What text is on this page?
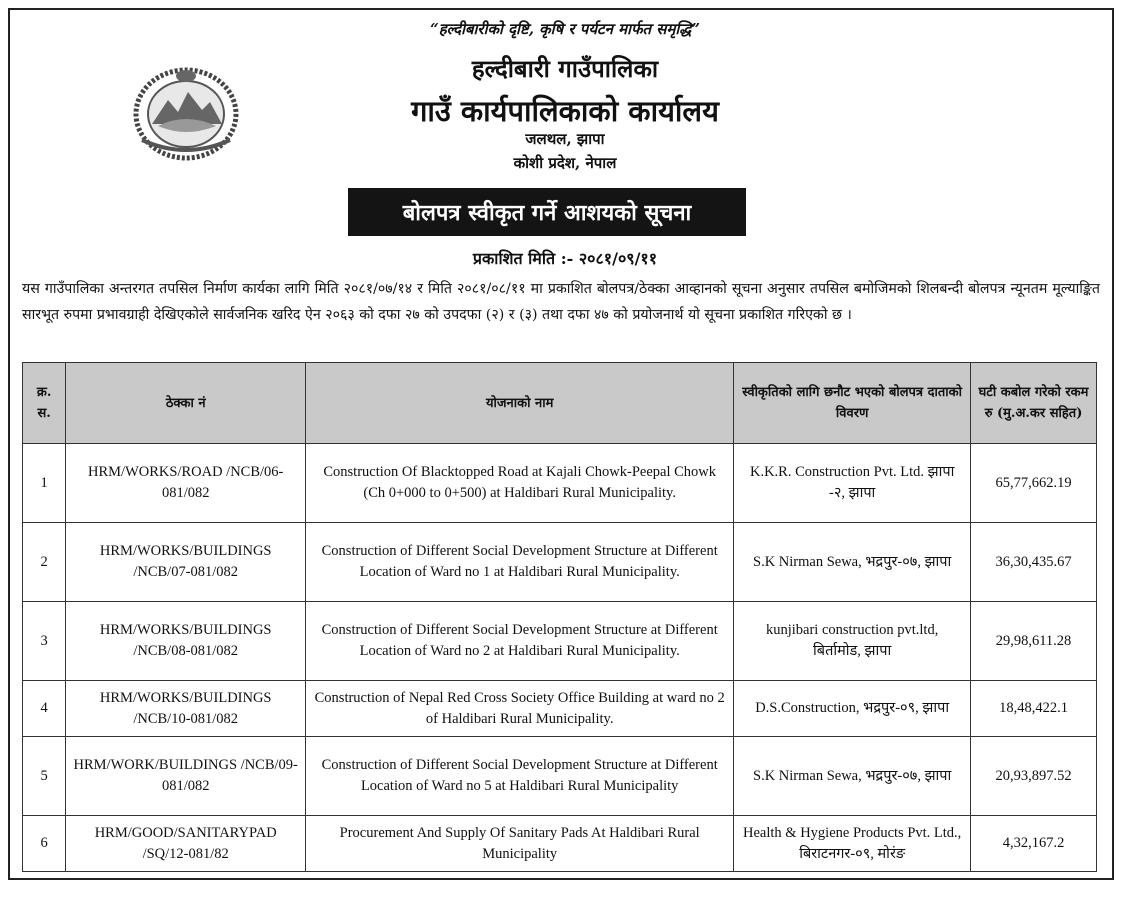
“हल्दीबारीको दृष्टि, कृषि र पर्यटन मार्फत समृद्धि”
हल्दीबारी गाउँपालिका
गाउँ कार्यपालिकाको कार्यालय
जलथल, झापा
कोशी प्रदेश, नेपाल
बोलपत्र स्वीकृत गर्ने आशयको सूचना
प्रकाशित मिति :- २०८१/०९/११
यस गाउँपालिका अन्तरगत तपसिल निर्माण कार्यका लागि मिति २०८१/०७/१४ र मिति २०८१/०८/११ मा प्रकाशित बोलपत्र/ठेक्का आव्हानको सूचना अनुसार तपसिल बमोजिमको शिलबन्दी बोलपत्र न्यूनतम मूल्याङ्कित सारभूत रुपमा प्रभावग्राही देखिएकोले सार्वजनिक खरिद ऐन २०६३ को दफा २७ को उपदफा (२) र (३) तथा दफा ४७ को प्रयोजनार्थ यो सूचना प्रकाशित गरिएको छ ।
क्र. स.	ठेक्का नं	योजनाको नाम	स्वीकृतिको लागि छनौट भएको बोलपत्र दाताको विवरण	घटी कबोल गरेको रकम रु (मु.अ.कर सहित)
1	HRM/WORKS/ROAD /NCB/06-081/082	Construction Of Blacktopped Road at Kajali Chowk-Peepal Chowk (Ch 0+000 to 0+500) at Haldibari Rural Municipality.	K.K.R. Construction Pvt. Ltd. झापा -२, झापा	65,77,662.19
2	HRM/WORKS/BUILDINGS /NCB/07-081/082	Construction of Different Social Development Structure at Different Location of Ward no 1 at Haldibari Rural Municipality.	S.K Nirman Sewa, भद्रपुर-०७, झापा	36,30,435.67
3	HRM/WORKS/BUILDINGS /NCB/08-081/082	Construction of Different Social Development Structure at Different Location of Ward no 2 at Haldibari Rural Municipality.	kunjibari construction pvt.ltd, बिर्तामोड, झापा	29,98,611.28
4	HRM/WORKS/BUILDINGS /NCB/10-081/082	Construction of Nepal Red Cross Society Office Building at ward no 2 of Haldibari Rural Municipality.	D.S.Construction, भद्रपुर-०९, झापा	18,48,422.1
5	HRM/WORK/BUILDINGS /NCB/09-081/082	Construction of Different Social Development Structure at Different Location of Ward no 5 at Haldibari Rural Municipality	S.K Nirman Sewa, भद्रपुर-०७, झापा	20,93,897.52
6	HRM/GOOD/SANITARYPAD /SQ/12-081/82	Procurement And Supply Of Sanitary Pads At Haldibari Rural Municipality	Health & Hygiene Products Pvt. Ltd., बिराटनगर-०९, मोरंङ	4,32,167.2
